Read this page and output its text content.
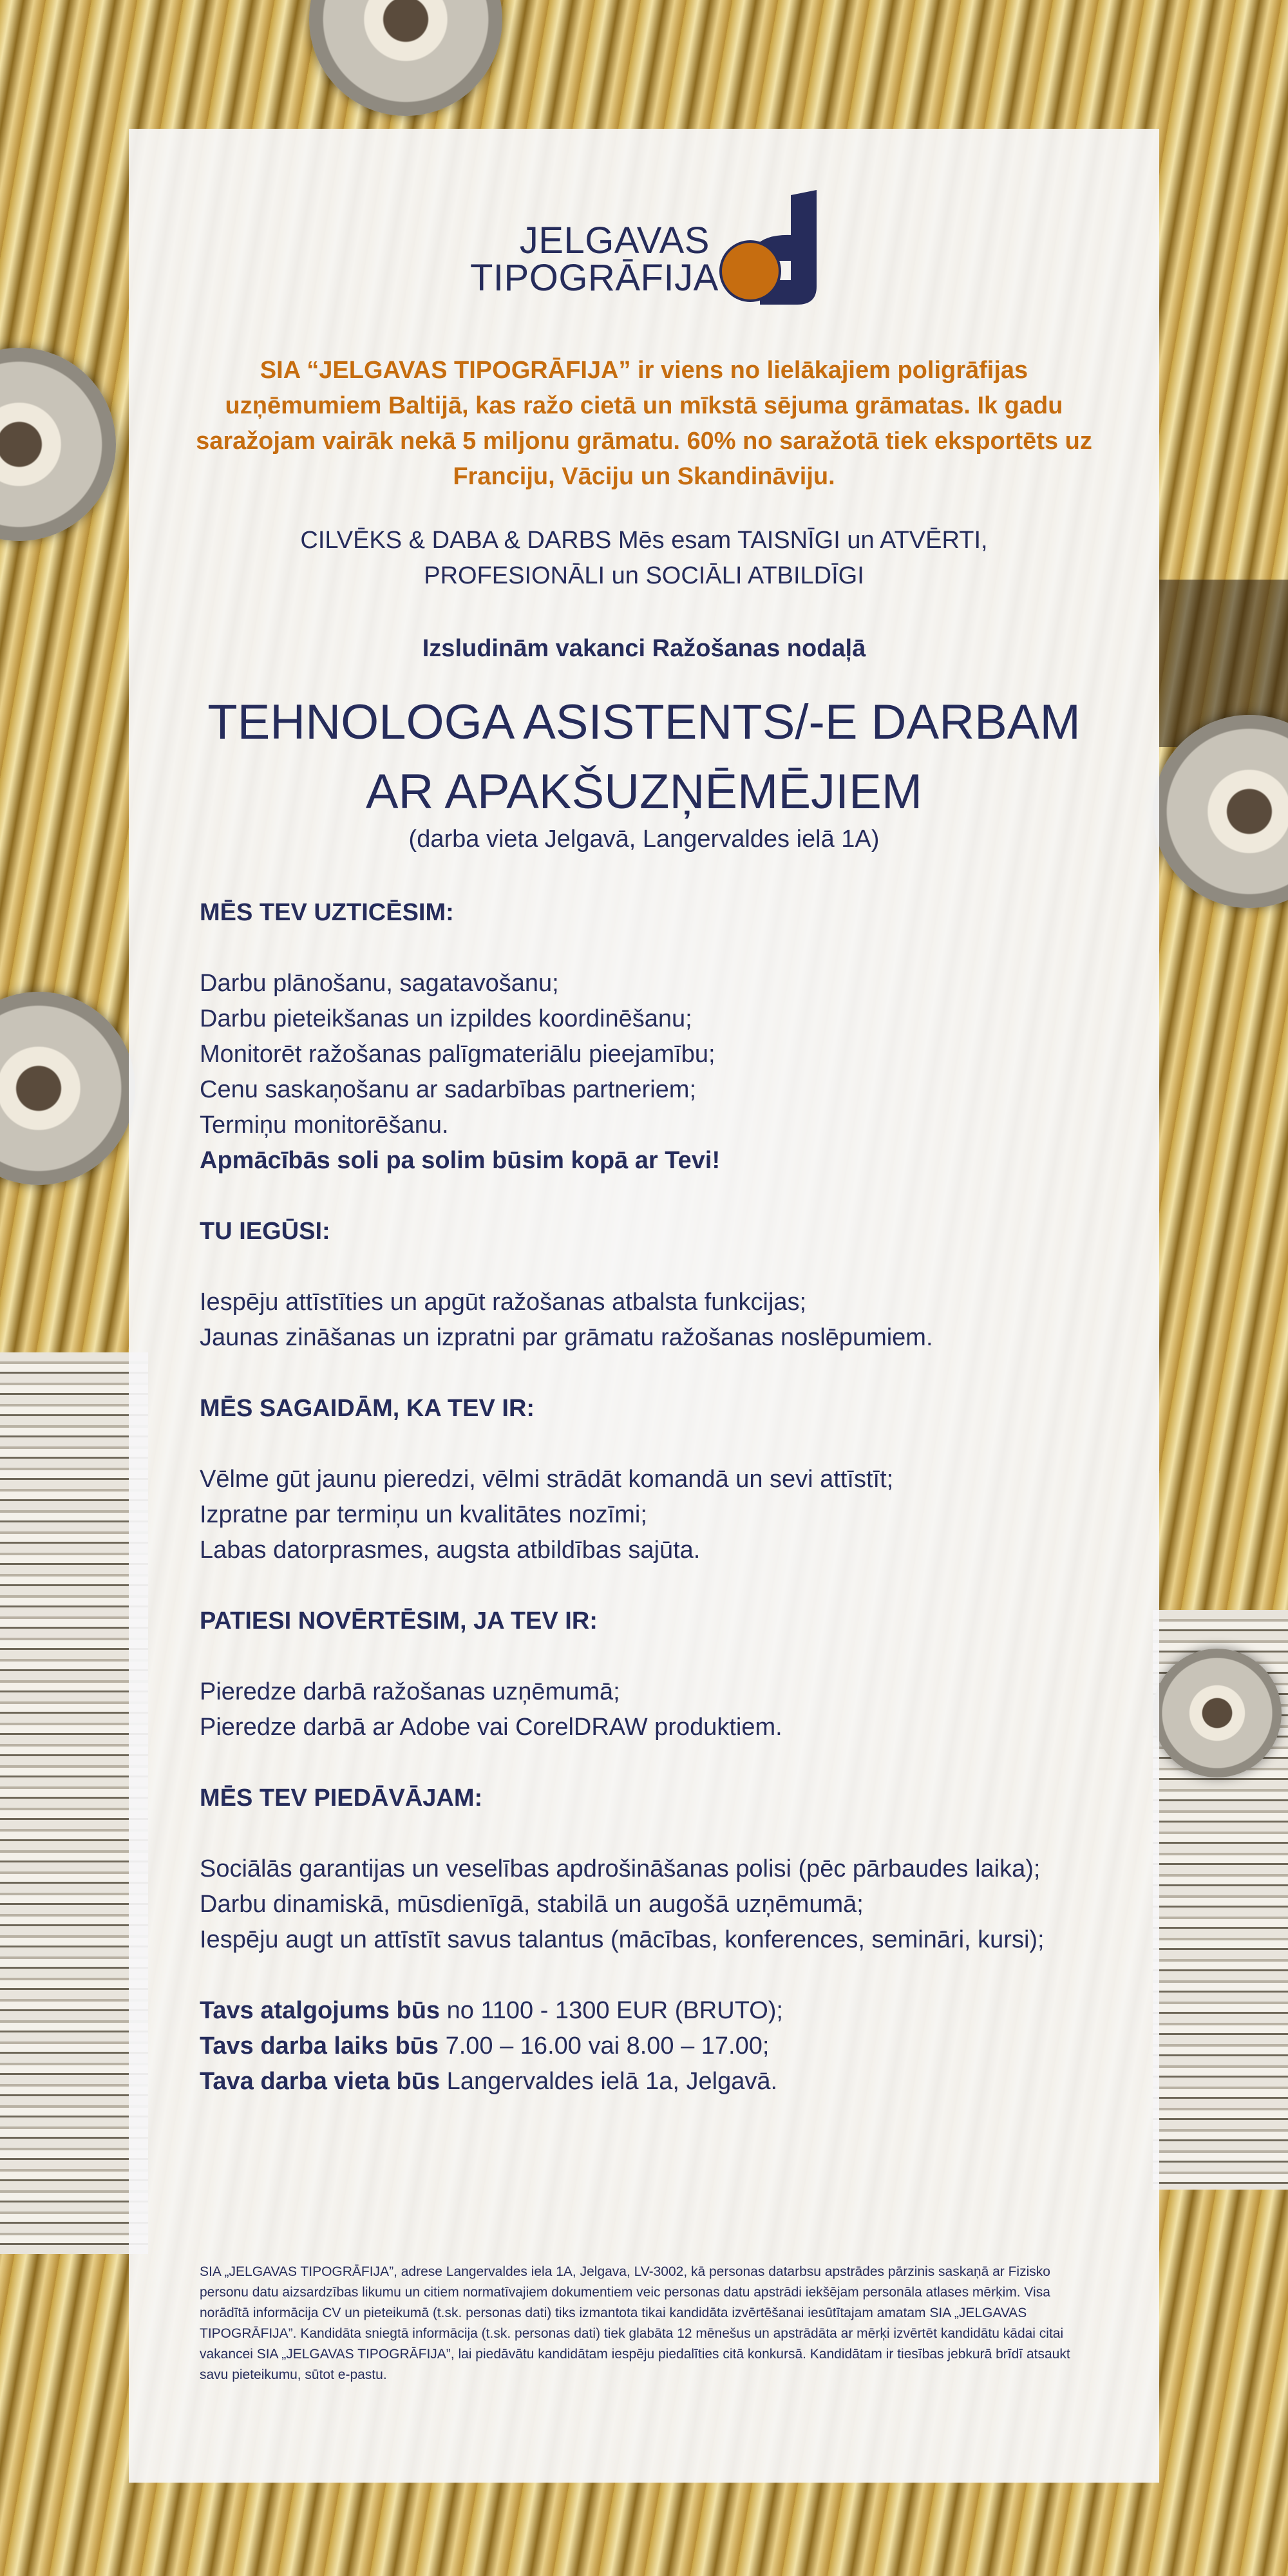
JELGAVAS
TIPOGRĀFIJA
SIA “JELGAVAS TIPOGRĀFIJA” ir viens no lielākajiem poligrāfijas uzņēmumiem Baltijā, kas ražo cietā un mīkstā sējuma grāmatas. Ik gadu saražojam vairāk nekā 5 miljonu grāmatu. 60% no saražotā tiek eksportēts uz Franciju, Vāciju un Skandināviju.
CILVĒKS & DABA & DARBS Mēs esam TAISNĪGI un ATVĒRTI,
PROFESIONĀLI un SOCIĀLI ATBILDĪGI
Izsludinām vakanci Ražošanas nodaļā
TEHNOLOGA ASISTENTS/-E DARBAM
AR APAKŠUZŅĒMĒJIEM
(darba vieta Jelgavā, Langervaldes ielā 1A)
MĒS TEV UZTICĒSIM:
Darbu plānošanu, sagatavošanu;
Darbu pieteikšanas un izpildes koordinēšanu;
Monitorēt ražošanas palīgmateriālu pieejamību;
Cenu saskaņošanu ar sadarbības partneriem;
Termiņu monitorēšanu.
Apmācībās soli pa solim būsim kopā ar Tevi!
TU IEGŪSI:
Iespēju attīstīties un apgūt ražošanas atbalsta funkcijas;
Jaunas zināšanas un izpratni par grāmatu ražošanas noslēpumiem.
MĒS SAGAIDĀM, KA TEV IR:
Vēlme gūt jaunu pieredzi, vēlmi strādāt komandā un sevi attīstīt;
Izpratne par termiņu un kvalitātes nozīmi;
Labas datorprasmes, augsta atbildības sajūta.
PATIESI NOVĒRTĒSIM, JA TEV IR:
Pieredze darbā ražošanas uzņēmumā;
Pieredze darbā ar Adobe vai CorelDRAW produktiem.
MĒS TEV PIEDĀVĀJAM:
Sociālās garantijas un veselības apdrošināšanas polisi (pēc pārbaudes laika);
Darbu dinamiskā, mūsdienīgā, stabilā un augošā uzņēmumā;
Iespēju augt un attīstīt savus talantus (mācības, konferences, semināri, kursi);
Tavs atalgojums būs no 1100 - 1300 EUR (BRUTO);
Tavs darba laiks būs 7.00 – 16.00 vai 8.00 – 17.00;
Tava darba vieta būs Langervaldes ielā 1a, Jelgavā.
SIA „JELGAVAS TIPOGRĀFIJA”, adrese Langervaldes iela 1A, Jelgava, LV-3002, kā personas datarbsu apstrādes pārzinis saskaņā ar Fizisko personu datu aizsardzības likumu un citiem normatīvajiem dokumentiem veic personas datu apstrādi iekšējam personāla atlases mērķim. Visa norādītā informācija CV un pieteikumā (t.sk. personas dati) tiks izmantota tikai kandidāta izvērtēšanai iesūtītajam amatam SIA „JELGAVAS TIPOGRĀFIJA”. Kandidāta sniegtā informācija (t.sk. personas dati) tiek glabāta 12 mēnešus un apstrādāta ar mērķi izvērtēt kandidātu kādai citai vakancei SIA „JELGAVAS TIPOGRĀFIJA”, lai piedāvātu kandidātam iespēju piedalīties citā konkursā. Kandidātam ir tiesības jebkurā brīdī atsaukt savu pieteikumu, sūtot e-pastu.
